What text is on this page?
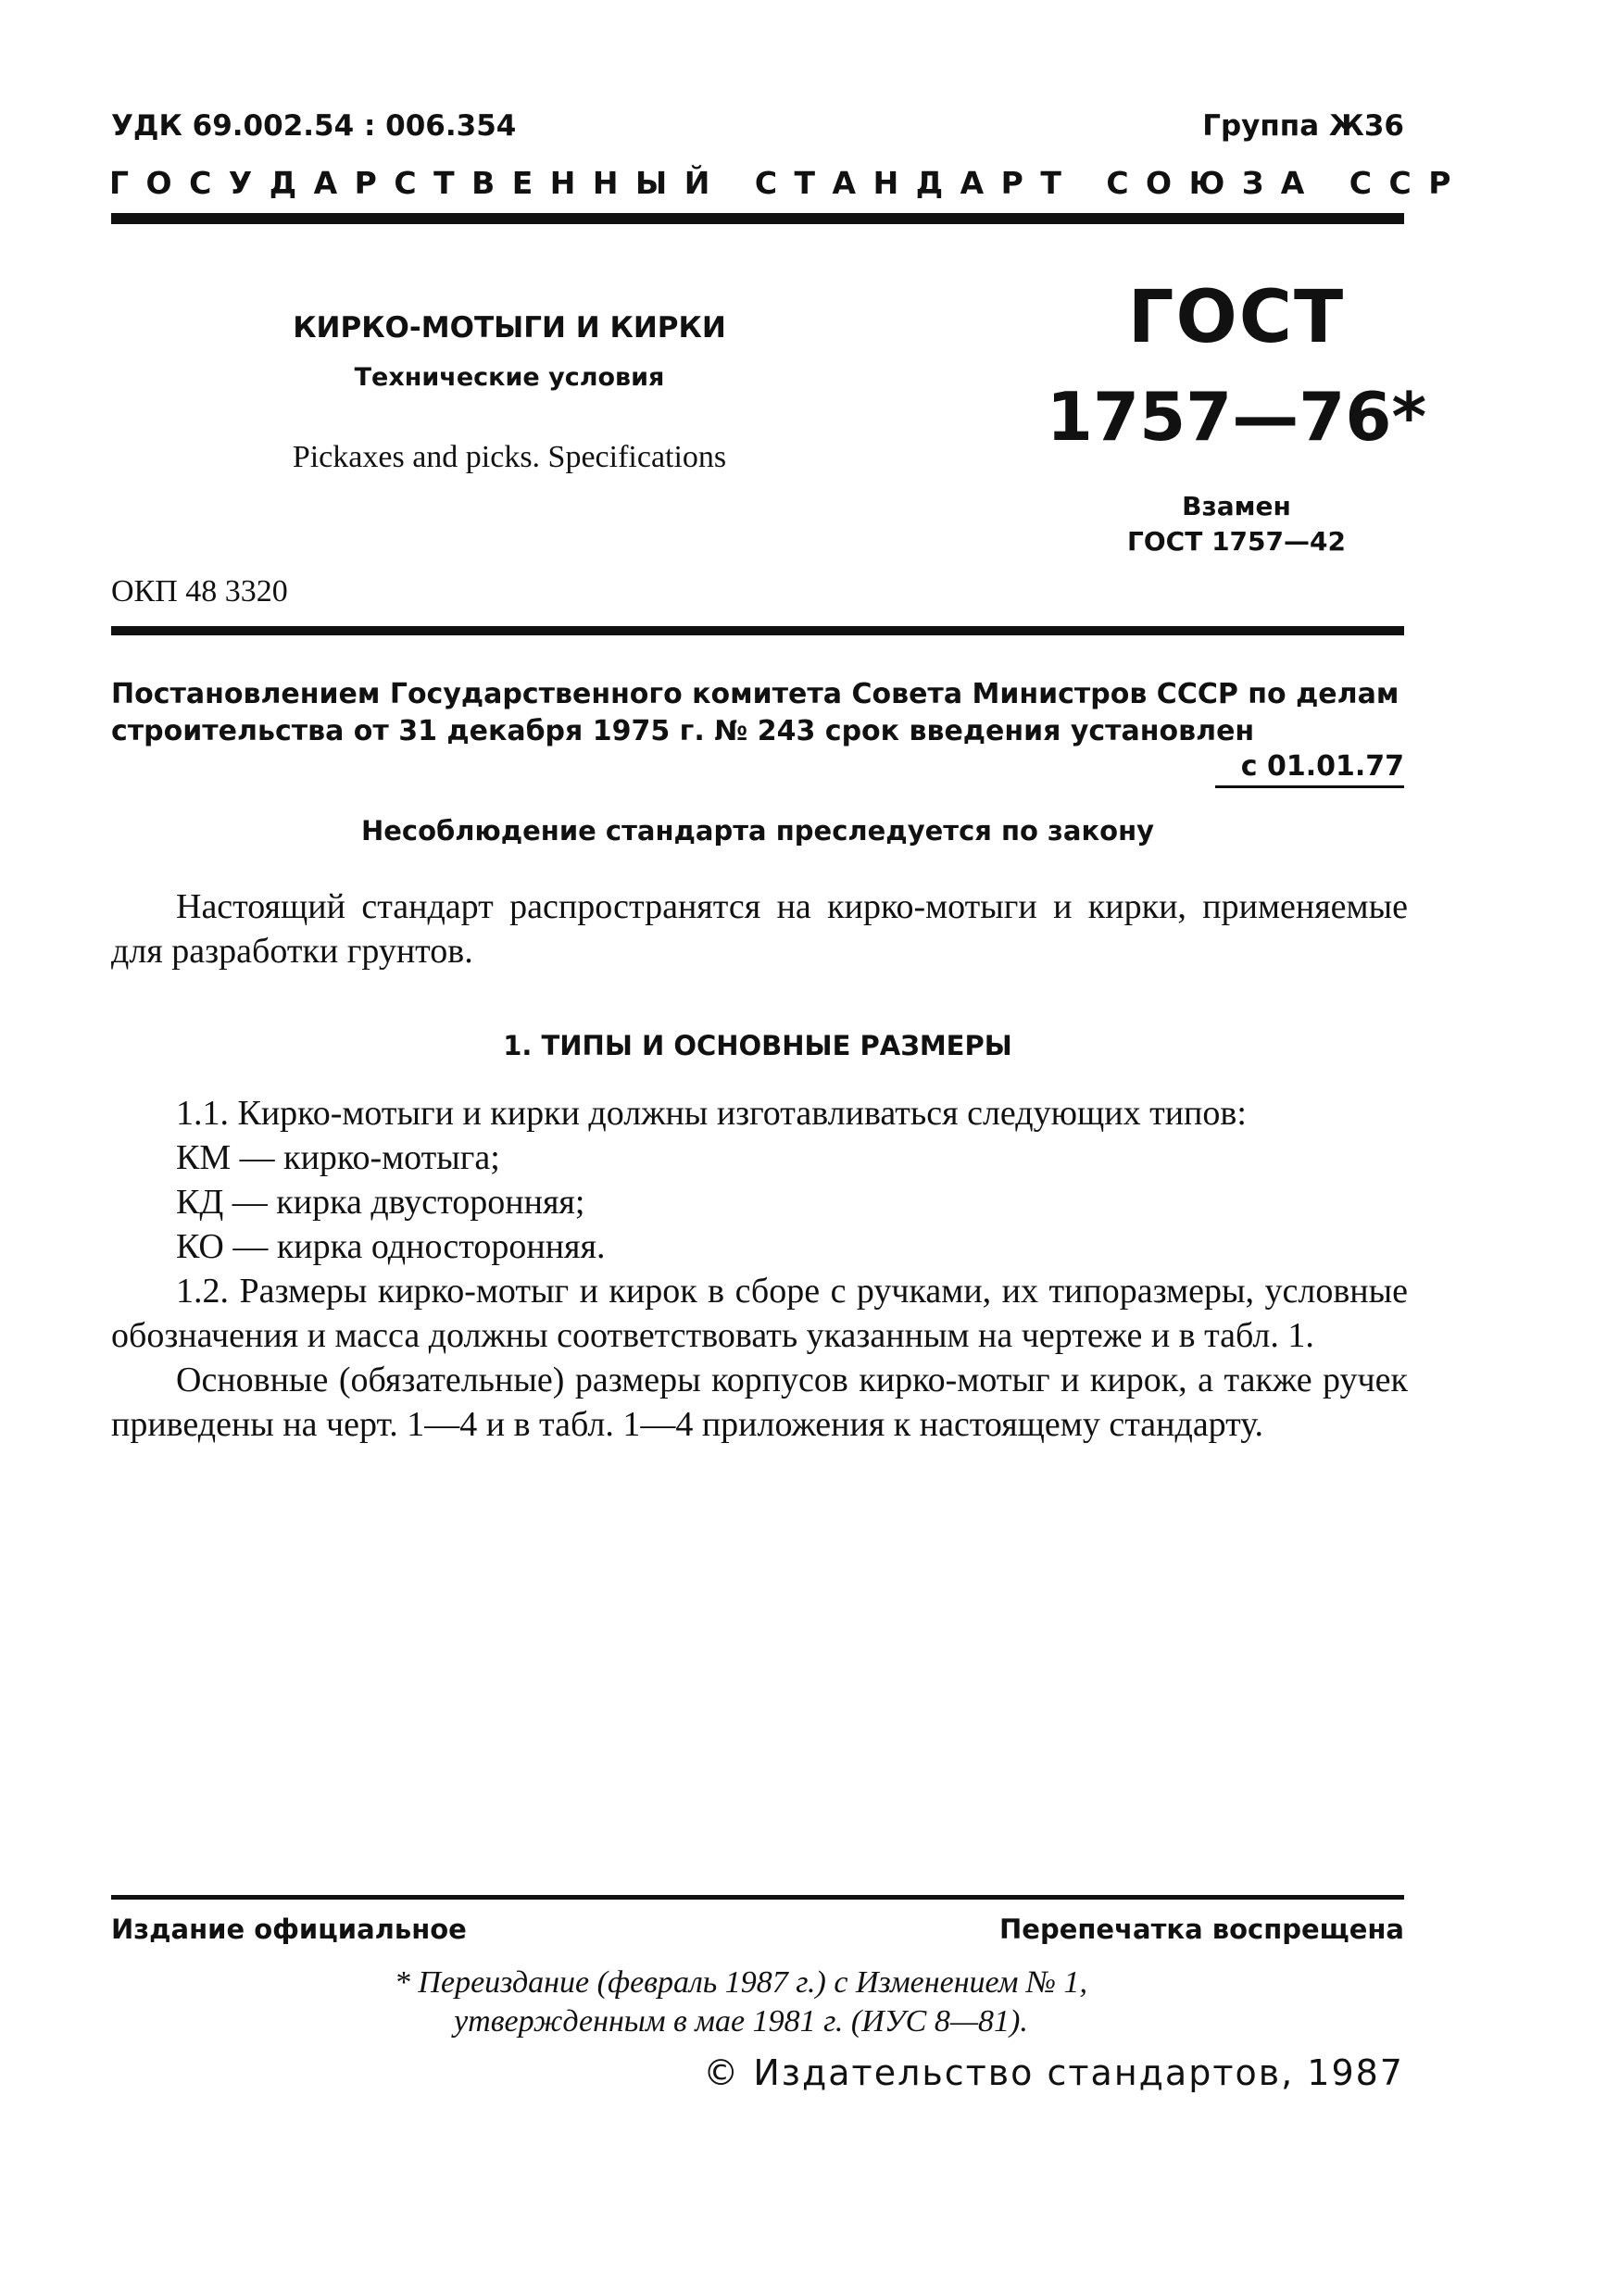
УДК 69.002.54 : 006.354	Группа Ж36
ГОСУДАРСТВЕННЫЙ СТАНДАРТ СОЮЗА ССР
КИРКО-МОТЫГИ И КИРКИ
Технические условия
Pickaxes and picks. Specifications
ГОСТ
1757—76*
Взамен
ГОСТ 1757—42
ОКП 48 3320
Постановлением Государственного комитета Совета Министров СССР по делам строительства от 31 декабря 1975 г. № 243 срок введения установлен
с 01.01.77
Несоблюдение стандарта преследуется по закону
Настоящий стандарт распространятся на кирко-мотыги и кирки, применяемые для разработки грунтов.
1. ТИПЫ И ОСНОВНЫЕ РАЗМЕРЫ
1.1. Кирко-мотыги и кирки должны изготавливаться следующих типов:
КМ — кирко-мотыга;
КД — кирка двусторонняя;
КО — кирка односторонняя.
1.2. Размеры кирко-мотыг и кирок в сборе с ручками, их типоразмеры, условные обозначения и масса должны соответствовать указанным на чертеже и в табл. 1.
Основные (обязательные) размеры корпусов кирко-мотыг и кирок, а также ручек приведены на черт. 1—4 и в табл. 1—4 приложения к настоящему стандарту.
Издание официальное	Перепечатка воспрещена
* Переиздание (февраль 1987 г.) с Изменением № 1,
утвержденным в мае 1981 г. (ИУС 8—81).
© Издательство стандартов, 1987
